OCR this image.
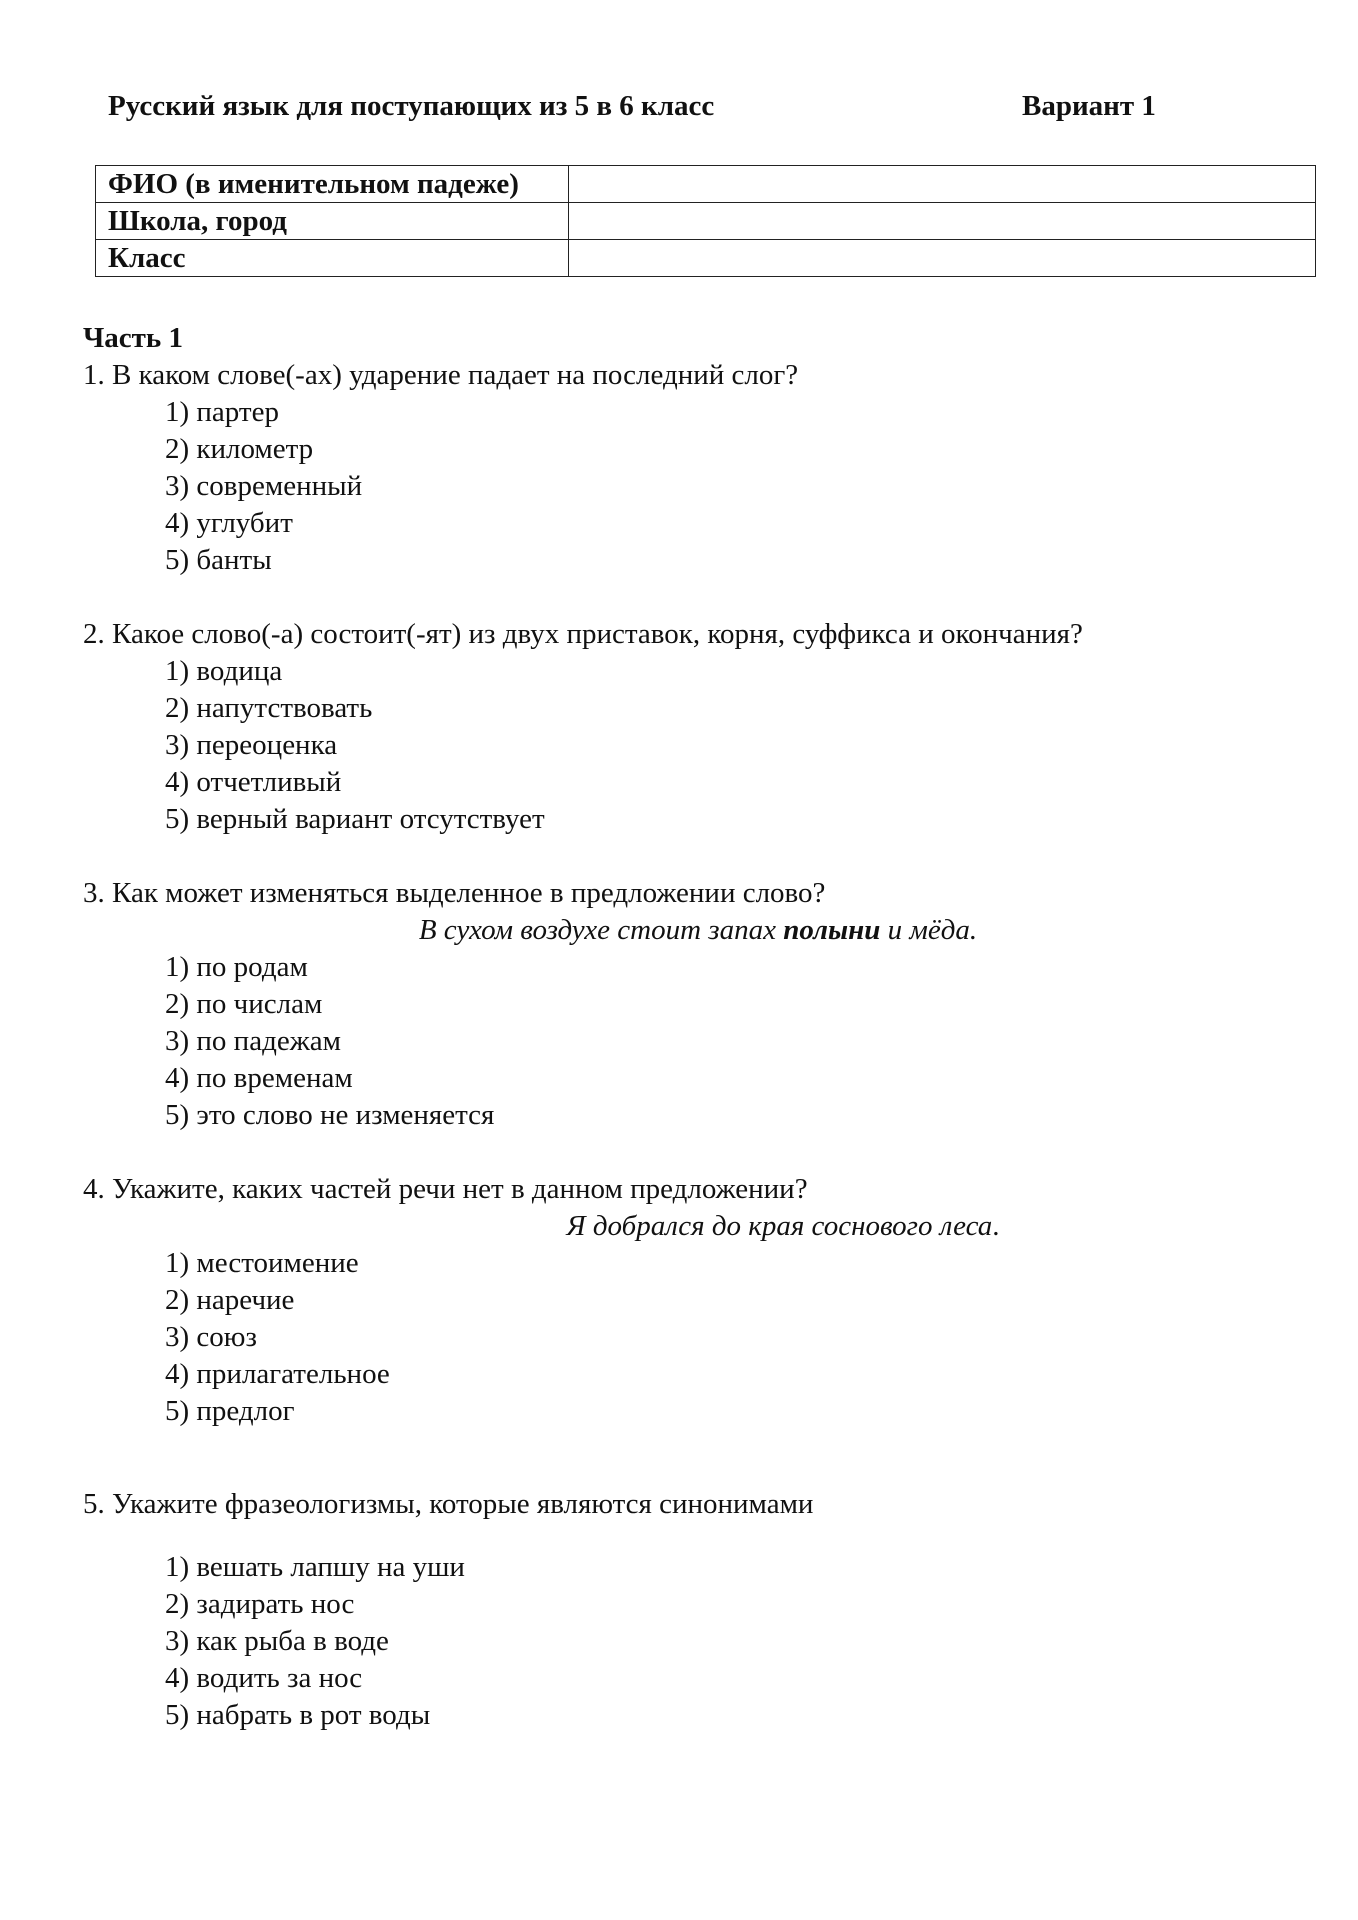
Русский язык для поступающих из 5 в 6 класс	Вариант 1
ФИО (в именительном падеже)	
Школа, город	
Класс	
Часть 1

1. В каком слове(-ах) ударение падает на последний слог?

1) партер
2) километр
3) современный
4) углубит
5) банты

2. Какое слово(-а) состоит(-ят) из двух приставок, корня, суффикса и окончания?

1) водица
2) напутствовать
3) переоценка
4) отчетливый
5) верный вариант отсутствует

3. Как может изменяться выделенное в предложении слово?

В сухом воздухе стоит запах полыни и мёда.

1) по родам
2) по числам
3) по падежам
4) по временам
5) это слово не изменяется

4. Укажите, каких частей речи нет в данном предложении?

Я добрался до края соснового леса.

1) местоимение
2) наречие
3) союз
4) прилагательное
5) предлог

5. Укажите фразеологизмы, которые являются синонимами

1) вешать лапшу на уши
2) задирать нос
3) как рыба в воде
4) водить за нос
5) набрать в рот воды
